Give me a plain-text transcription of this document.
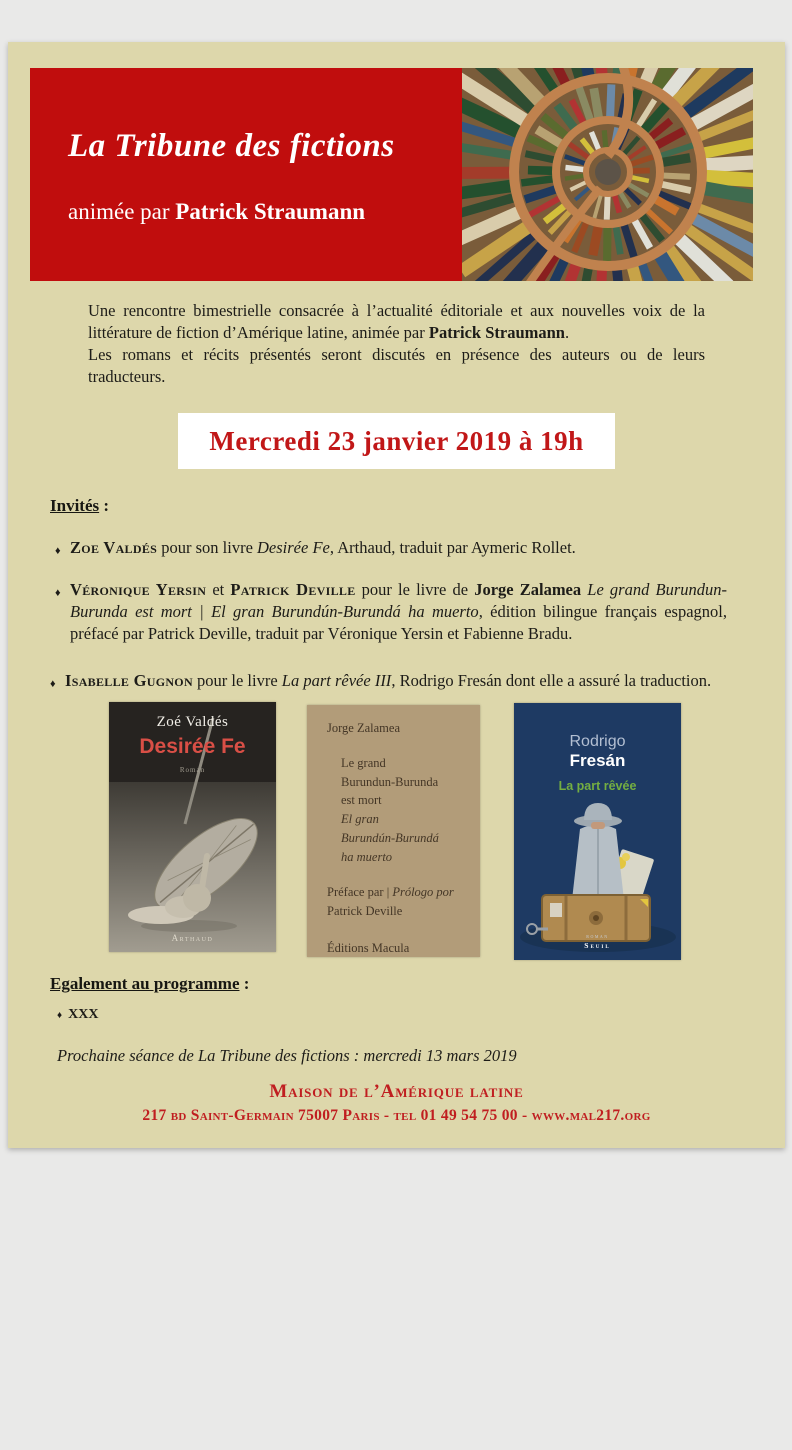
La Tribune des fictions
animée par Patrick Straumann
Une rencontre bimestrielle consacrée à l’actualité éditoriale et aux nouvelles voix de la littérature de fiction d’Amérique latine, animée par Patrick Straumann.
Les romans et récits présentés seront discutés en présence des auteurs ou de leurs traducteurs.
Mercredi 23 janvier 2019 à 19h
Invités :
♦ Zoe Valdés pour son livre Desirée Fe, Arthaud, traduit par Aymeric Rollet.
♦ Véronique Yersin et Patrick Deville pour le livre de Jorge Zalamea Le grand Burundun-Burunda est mort | El gran Burundún-Burundá ha muerto, édition bilingue français espagnol, préfacé par Patrick Deville, traduit par Véronique Yersin et Fabienne Bradu.
♦ Isabelle Gugnon pour le livre La part rêvée III, Rodrigo Fresán dont elle a assuré la traduction.
Zoé Valdés
Desirée Fe
Roman
Arthaud
Jorge Zalamea
Le grand
Burundun-Burunda
est mort
El gran
Burundún-Burundá
ha muerto
Préface par | Prólogo por
Patrick Deville
Éditions Macula
Rodrigo
Fresán
La part rêvée
roman
Seuil
Egalement au programme :
♦ XXX
Prochaine séance de La Tribune des fictions : mercredi 13 mars 2019
Maison de l’Amérique latine
217 bd Saint-Germain 75007 Paris - tel 01 49 54 75 00 - www.mal217.org
